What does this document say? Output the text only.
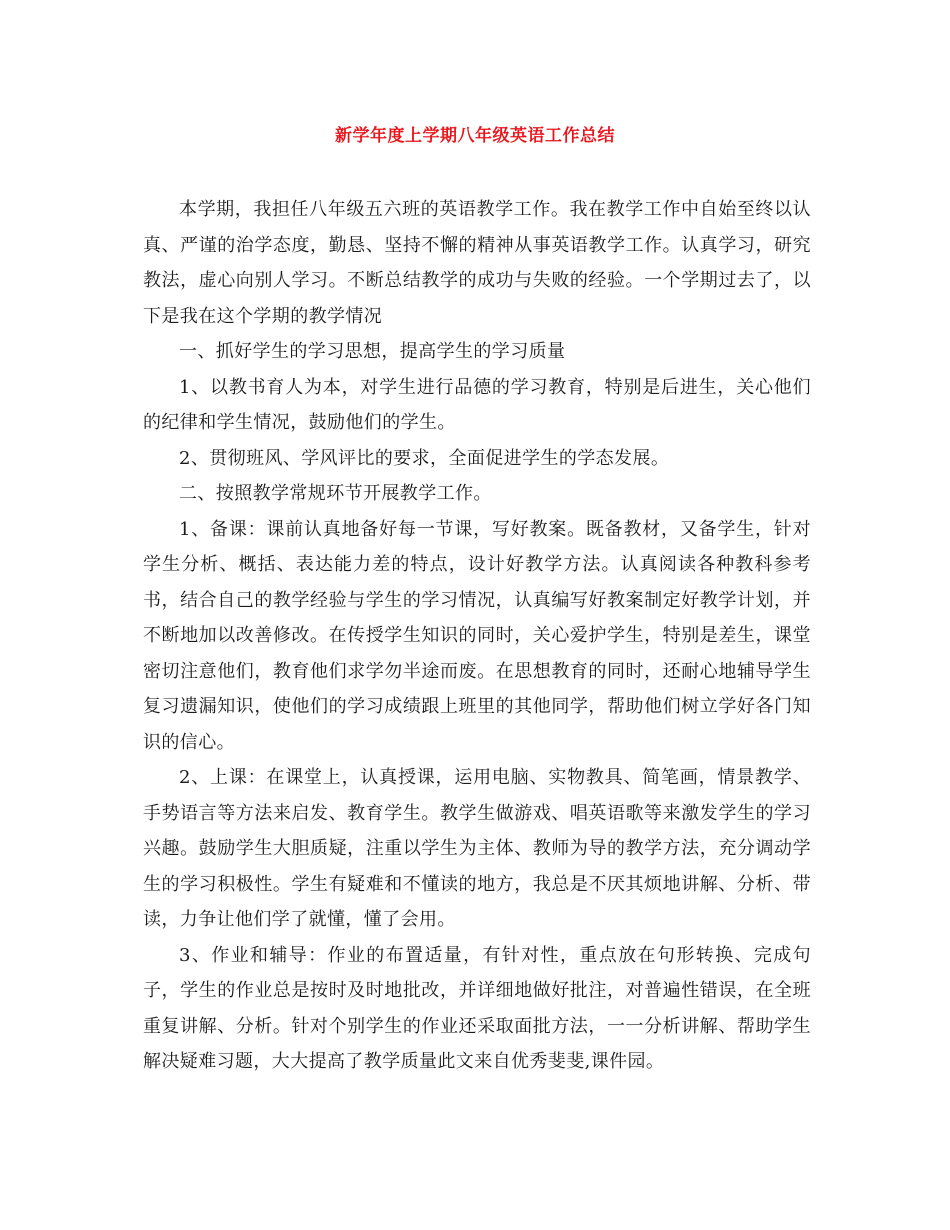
新学年度上学期八年级英语工作总结

本学期，我担任八年级五六班的英语教学工作。我在教学工作中自始至终以认真、严谨的治学态度，勤恳、坚持不懈的精神从事英语教学工作。认真学习，研究教法，虚心向别人学习。不断总结教学的成功与失败的经验。一个学期过去了，以下是我在这个学期的教学情况

一、抓好学生的学习思想，提高学生的学习质量

1、以教书育人为本，对学生进行品德的学习教育，特别是后进生，关心他们的纪律和学生情况，鼓励他们的学生。

2、贯彻班风、学风评比的要求，全面促进学生的学态发展。

二、按照教学常规环节开展教学工作。

1、备课：课前认真地备好每一节课，写好教案。既备教材，又备学生，针对学生分析、概括、表达能力差的特点，设计好教学方法。认真阅读各种教科参考书，结合自己的教学经验与学生的学习情况，认真编写好教案制定好教学计划，并不断地加以改善修改。在传授学生知识的同时，关心爱护学生，特别是差生，课堂密切注意他们，教育他们求学勿半途而废。在思想教育的同时，还耐心地辅导学生复习遗漏知识，使他们的学习成绩跟上班里的其他同学，帮助他们树立学好各门知识的信心。

2、上课：在课堂上，认真授课，运用电脑、实物教具、简笔画，情景教学、手势语言等方法来启发、教育学生。教学生做游戏、唱英语歌等来激发学生的学习兴趣。鼓励学生大胆质疑，注重以学生为主体、教师为导的教学方法，充分调动学生的学习积极性。学生有疑难和不懂读的地方，我总是不厌其烦地讲解、分析、带读，力争让他们学了就懂，懂了会用。

3、作业和辅导：作业的布置适量，有针对性，重点放在句形转换、完成句子，学生的作业总是按时及时地批改，并详细地做好批注，对普遍性错误，在全班重复讲解、分析。针对个别学生的作业还采取面批方法，一一分析讲解、帮助学生解决疑难习题，大大提高了教学质量此文来自优秀斐斐,课件园。
